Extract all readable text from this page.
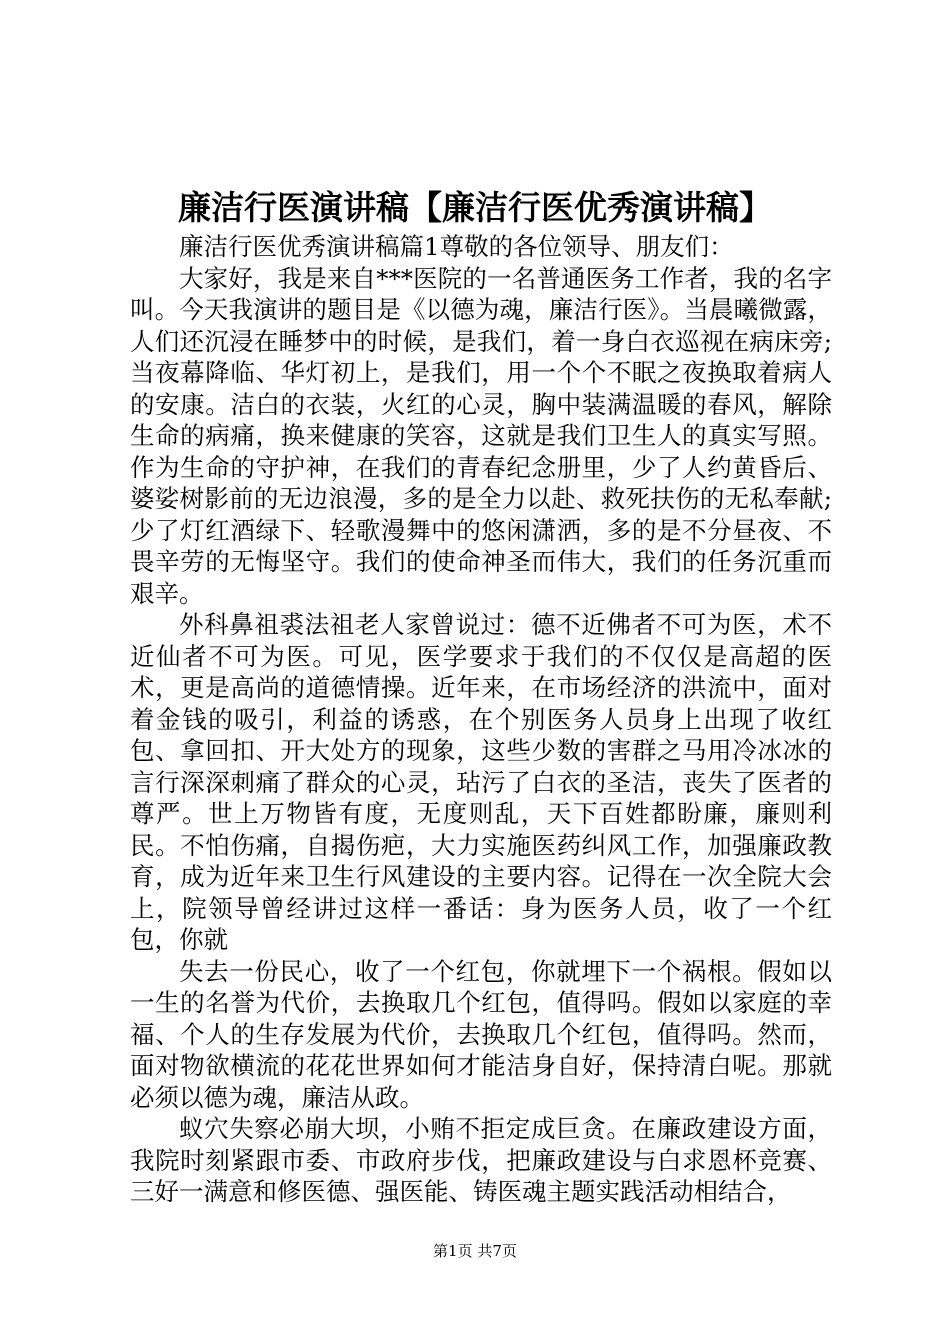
廉洁行医演讲稿【廉洁行医优秀演讲稿】

廉洁行医优秀演讲稿篇1尊敬的各位领导、朋友们：

大家好，我是来自***医院的一名普通医务工作者，我的名字叫。今天我演讲的题目是《以德为魂，廉洁行医》。当晨曦微露，人们还沉浸在睡梦中的时候，是我们，着一身白衣巡视在病床旁;当夜幕降临、华灯初上，是我们，用一个个不眠之夜换取着病人的安康。洁白的衣装，火红的心灵，胸中装满温暖的春风，解除生命的病痛，换来健康的笑容，这就是我们卫生人的真实写照。作为生命的守护神，在我们的青春纪念册里，少了人约黄昏后、婆娑树影前的无边浪漫，多的是全力以赴、救死扶伤的无私奉献;少了灯红酒绿下、轻歌漫舞中的悠闲潇洒，多的是不分昼夜、不畏辛劳的无悔坚守。我们的使命神圣而伟大，我们的任务沉重而艰辛。

外科鼻祖裘法祖老人家曾说过：德不近佛者不可为医，术不近仙者不可为医。可见，医学要求于我们的不仅仅是高超的医术，更是高尚的道德情操。近年来，在市场经济的洪流中，面对着金钱的吸引，利益的诱惑，在个别医务人员身上出现了收红包、拿回扣、开大处方的现象，这些少数的害群之马用冷冰冰的言行深深刺痛了群众的心灵，玷污了白衣的圣洁，丧失了医者的尊严。世上万物皆有度，无度则乱，天下百姓都盼廉，廉则利民。不怕伤痛，自揭伤疤，大力实施医药纠风工作，加强廉政教育，成为近年来卫生行风建设的主要内容。记得在一次全院大会上，院领导曾经讲过这样一番话：身为医务人员，收了一个红包，你就

失去一份民心，收了一个红包，你就埋下一个祸根。假如以一生的名誉为代价，去换取几个红包，值得吗。假如以家庭的幸福、个人的生存发展为代价，去换取几个红包，值得吗。然而，面对物欲横流的花花世界如何才能洁身自好，保持清白呢。那就必须以德为魂，廉洁从政。

蚁穴失察必崩大坝，小贿不拒定成巨贪。在廉政建设方面，我院时刻紧跟市委、市政府步伐，把廉政建设与白求恩杯竞赛、三好一满意和修医德、强医能、铸医魂主题实践活动相结合，

第1页 共7页
